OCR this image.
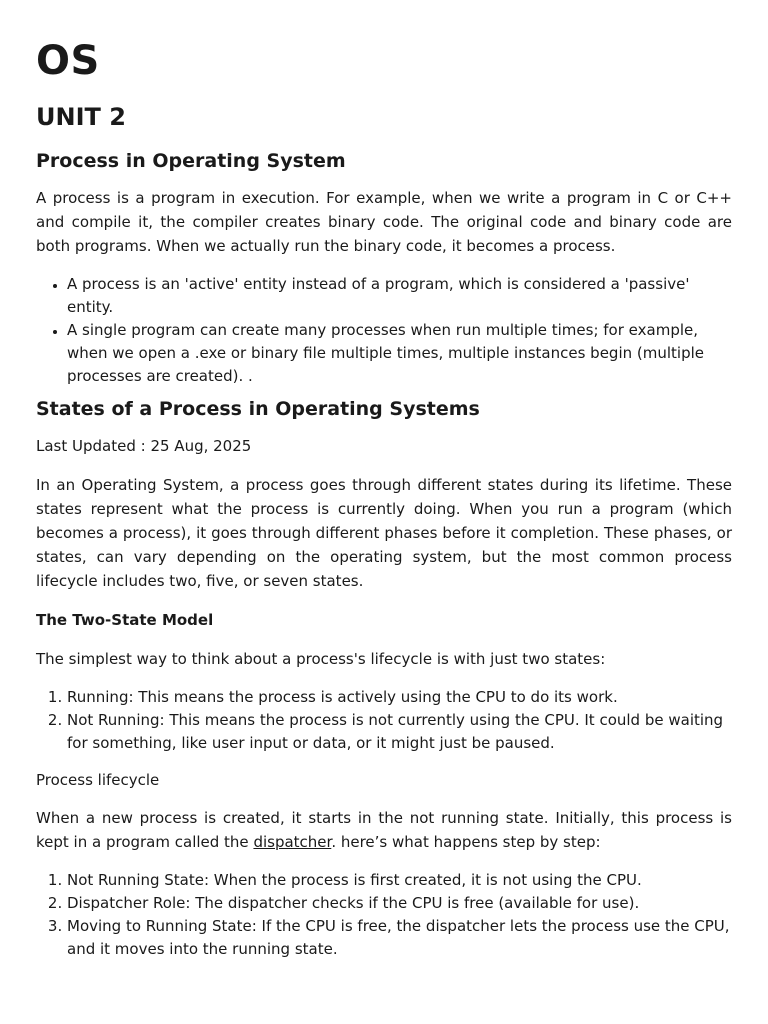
OS
UNIT 2
Process in Operating System

A process is a program in execution. For example, when we write a program in C or C++ and compile it, the compiler creates binary code. The original code and binary code are both programs. When we actually run the binary code, it becomes a process.

• A process is an 'active' entity instead of a program, which is considered a 'passive' entity.
• A single program can create many processes when run multiple times; for example, when we open a .exe or binary file multiple times, multiple instances begin (multiple processes are created). .
States of a Process in Operating Systems

Last Updated : 25 Aug, 2025

In an Operating System, a process goes through different states during its lifetime. These states represent what the process is currently doing. When you run a program (which becomes a process), it goes through different phases before it completion. These phases, or states, can vary depending on the operating system, but the most common process lifecycle includes two, five, or seven states.

The Two-State Model

The simplest way to think about a process's lifecycle is with just two states:

1. Running: This means the process is actively using the CPU to do its work.
2. Not Running: This means the process is not currently using the CPU. It could be waiting for something, like user input or data, or it might just be paused.

Process lifecycle

When a new process is created, it starts in the not running state. Initially, this process is kept in a program called the dispatcher. here’s what happens step by step:

1. Not Running State: When the process is first created, it is not using the CPU.
2. Dispatcher Role: The dispatcher checks if the CPU is free (available for use).
3. Moving to Running State: If the CPU is free, the dispatcher lets the process use the CPU, and it moves into the running state.
